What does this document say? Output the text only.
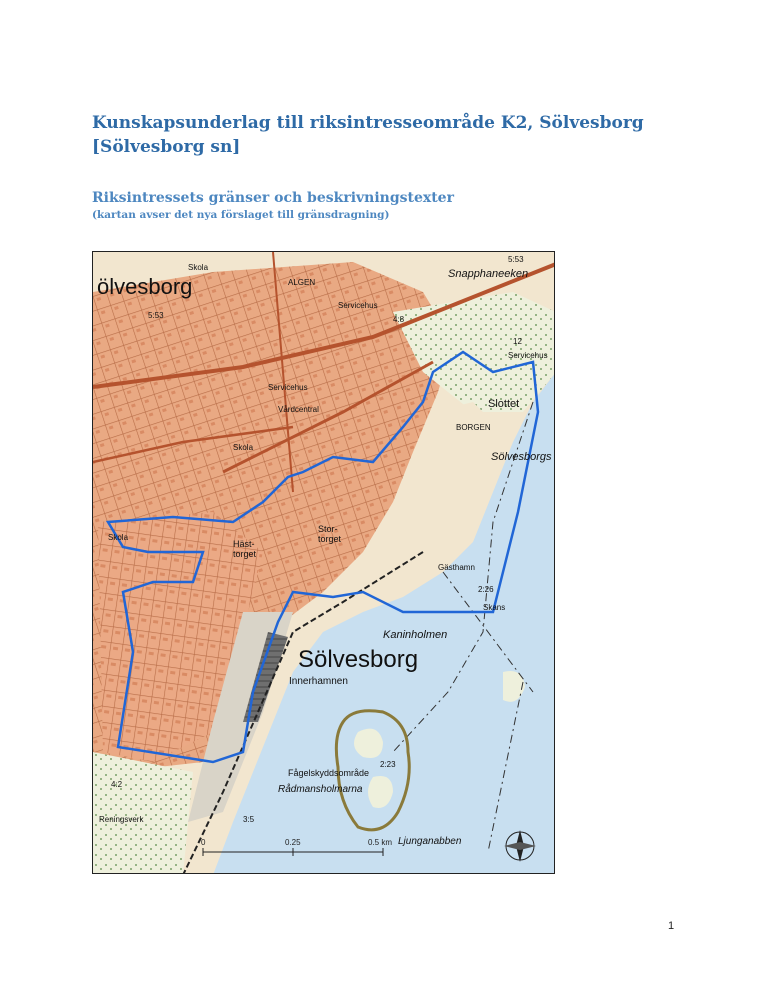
Kunskapsunderlag till riksintresseområde K2, Sölvesborg [Sölvesborg sn]
Riksintressets gränser och beskrivningstexter
(kartan avser det nya förslaget till gränsdragning)
0	0.25	0.5 km
ölvesborg
Skola
ALGEN
Snapphaneeken
5:53
5:53
Servicehus
4:8
12
Servicehus
Servicehus
Vårdcentral
Skola
Slottet
BORGEN
Sölvesborgs
Stor-torget
Häst-torget
Skola
Gästhamn
2:26
Skans
Kaninholmen
Sölvesborg
Innerhamnen
Fågelskyddsområde
Rådmansholmarna
2:23
Ljunganabben
4:2
3:5
Reningsverk
1
